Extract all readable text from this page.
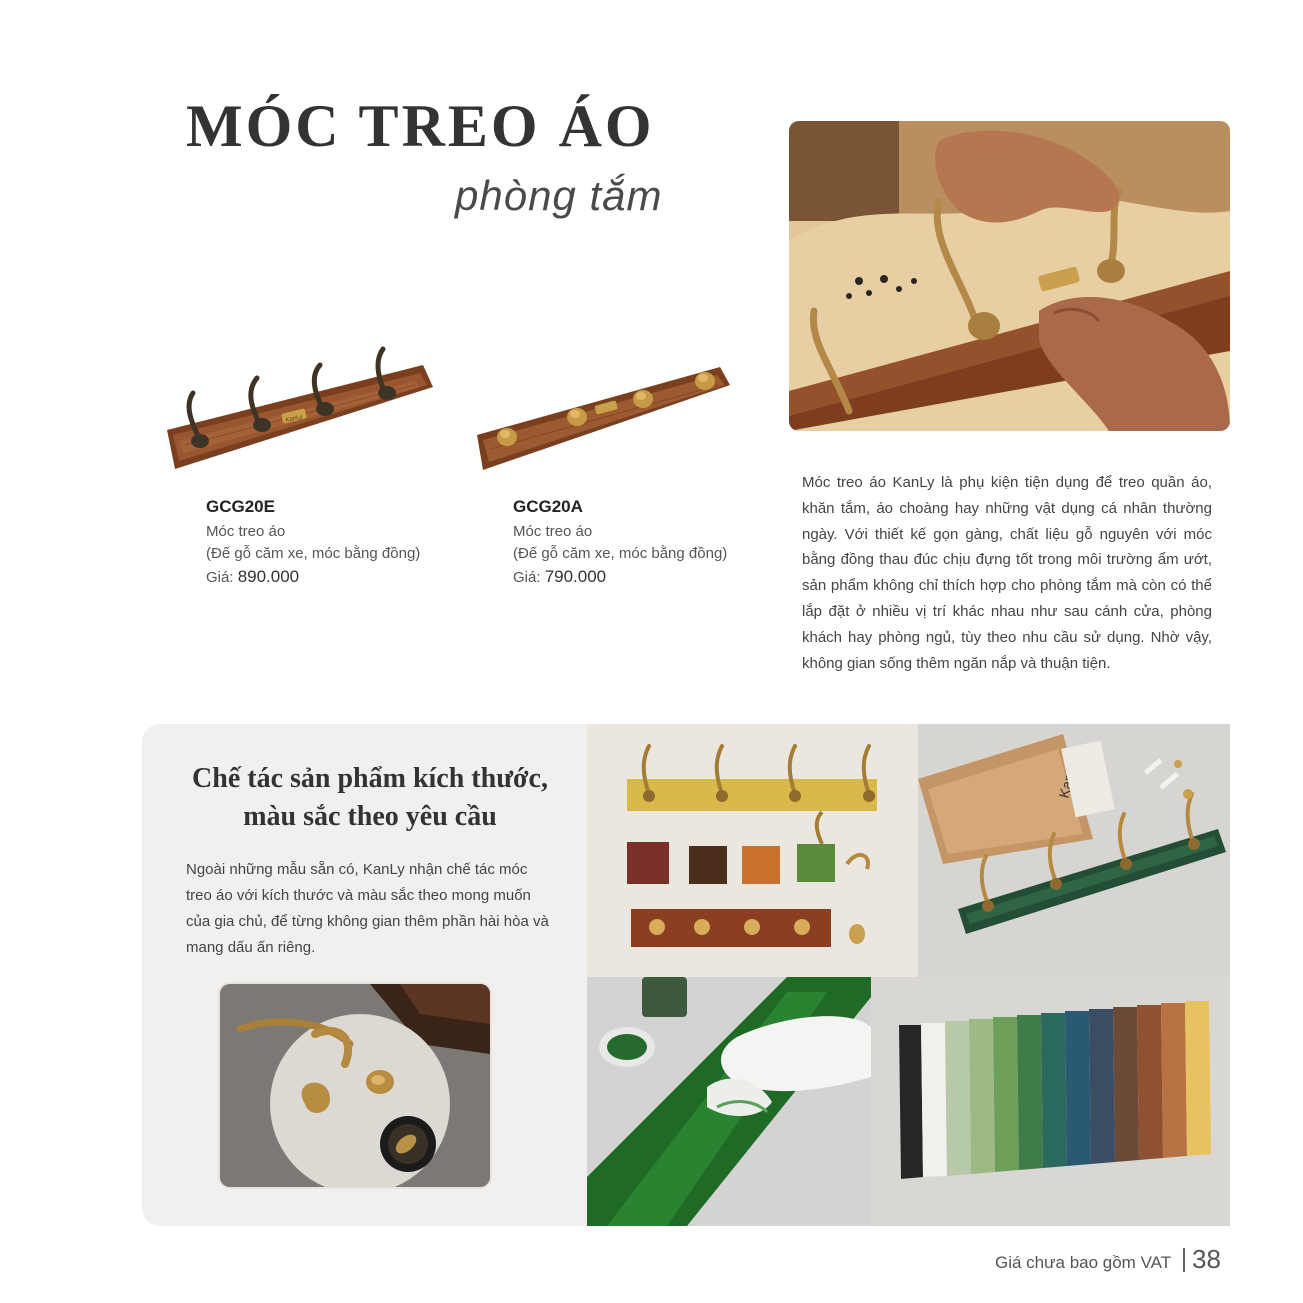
MÓC TREO ÁO
phòng tắm
KanLy

GCG20E

Móc treo áo

(Đế gỗ căm xe, móc bằng đồng)

Giá: 890.000

GCG20A

Móc treo áo

(Đế gỗ căm xe, móc bằng đồng)

Giá: 790.000

Móc treo áo KanLy là phụ kiện tiện dụng để treo quần áo, khăn tắm, áo choàng hay những vật dụng cá nhân thường ngày. Với thiết kế gọn gàng, chất liệu gỗ nguyên với móc bằng đồng thau đúc chịu đựng tốt trong môi trường ẩm ướt, sản phẩm không chỉ thích hợp cho phòng tắm mà còn có thể lắp đặt ở nhiều vị trí khác nhau như sau cánh cửa, phòng khách hay phòng ngủ, tùy theo nhu cầu sử dụng. Nhờ vậy, không gian sống thêm ngăn nắp và thuận tiện.

Chế tác sản phẩm kích thước,
màu sắc theo yêu cầu

Ngoài những mẫu sẵn có, KanLy nhận chế tác móc treo áo với kích thước và màu sắc theo mong muốn của gia chủ, để từng không gian thêm phần hài hòa và mang dấu ấn riêng.

Giá chưa bao gồm VAT 38
